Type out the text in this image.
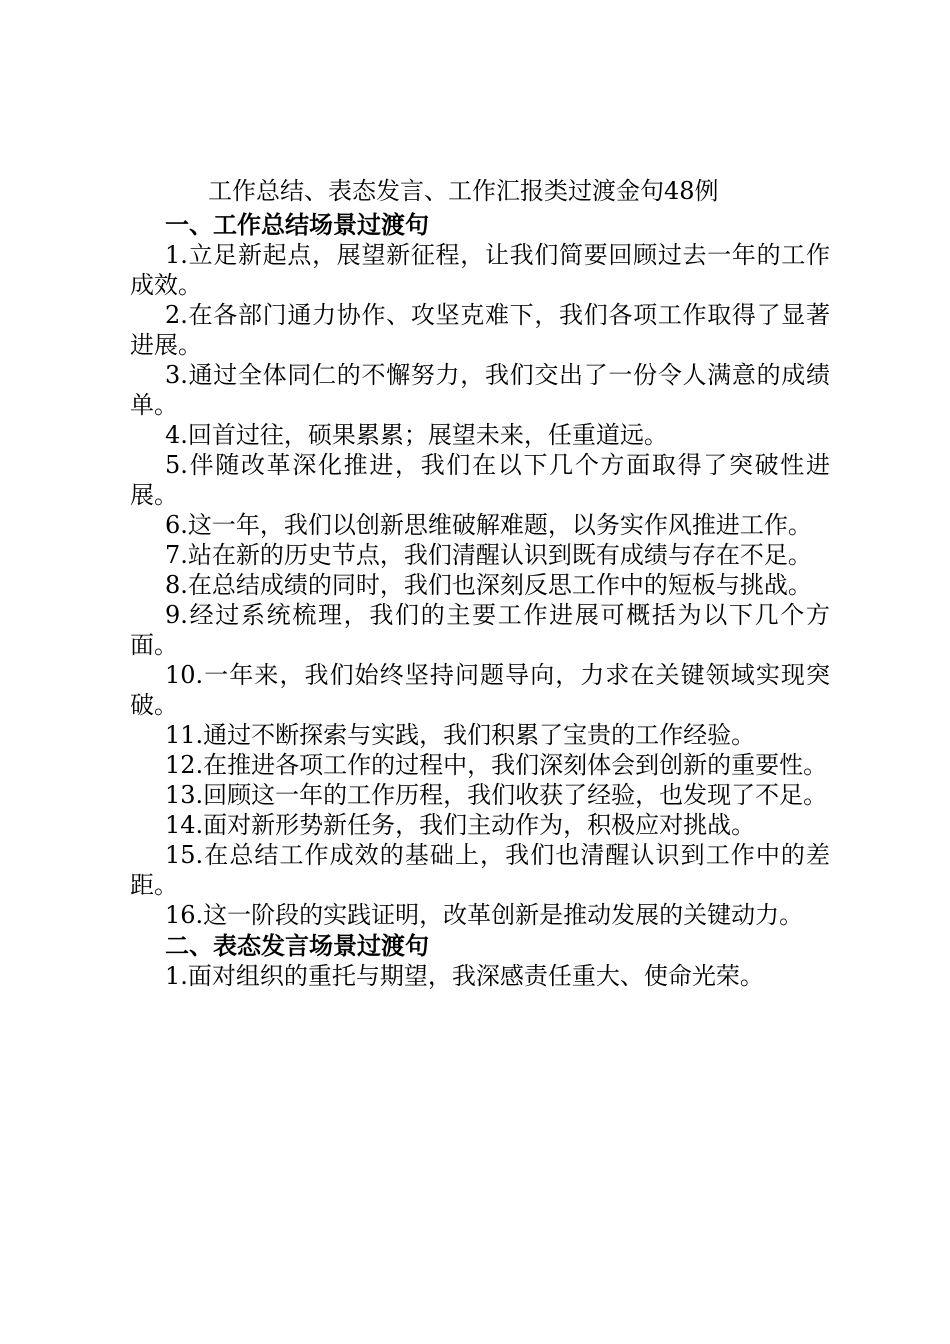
工作总结、表态发言、工作汇报类过渡金句48例
一、工作总结场景过渡句
1.立足新起点，展望新征程，让我们简要回顾过去一年的工作成效。
2.在各部门通力协作、攻坚克难下，我们各项工作取得了显著进展。
3.通过全体同仁的不懈努力，我们交出了一份令人满意的成绩单。
4.回首过往，硕果累累；展望未来，任重道远。
5.伴随改革深化推进，我们在以下几个方面取得了突破性进展。
6.这一年，我们以创新思维破解难题，以务实作风推进工作。
7.站在新的历史节点，我们清醒认识到既有成绩与存在不足。
8.在总结成绩的同时，我们也深刻反思工作中的短板与挑战。
9.经过系统梳理，我们的主要工作进展可概括为以下几个方面。
10.一年来，我们始终坚持问题导向，力求在关键领域实现突破。
11.通过不断探索与实践，我们积累了宝贵的工作经验。
12.在推进各项工作的过程中，我们深刻体会到创新的重要性。
13.回顾这一年的工作历程，我们收获了经验，也发现了不足。
14.面对新形势新任务，我们主动作为，积极应对挑战。
15.在总结工作成效的基础上，我们也清醒认识到工作中的差距。
16.这一阶段的实践证明，改革创新是推动发展的关键动力。
二、表态发言场景过渡句
1.面对组织的重托与期望，我深感责任重大、使命光荣。
